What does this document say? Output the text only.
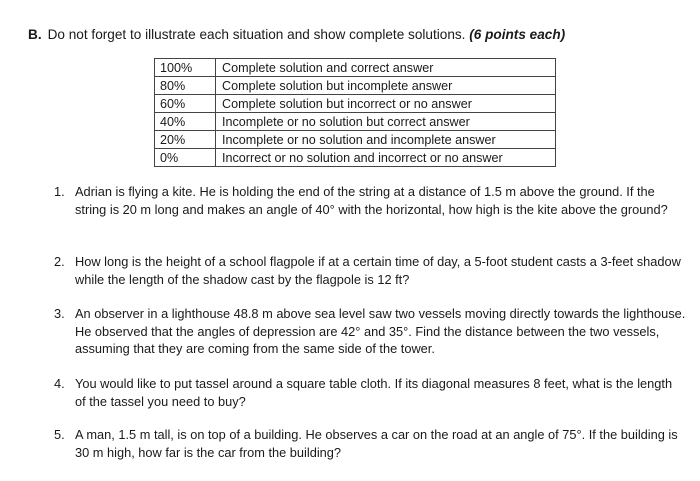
B. Do not forget to illustrate each situation and show complete solutions. (6 points each)
100%	Complete solution and correct answer
80%	Complete solution but incomplete answer
60%	Complete solution but incorrect or no answer
40%	Incomplete or no solution but correct answer
20%	Incomplete or no solution and incomplete answer
0%	Incorrect or no solution and incorrect or no answer
1. Adrian is flying a kite. He is holding the end of the string at a distance of 1.5 m above the ground. If the string is 20 m long and makes an angle of 40° with the horizontal, how high is the kite above the ground?
2. How long is the height of a school flagpole if at a certain time of day, a 5-foot student casts a 3-feet shadow while the length of the shadow cast by the flagpole is 12 ft?
3. An observer in a lighthouse 48.8 m above sea level saw two vessels moving directly towards the lighthouse. He observed that the angles of depression are 42° and 35°. Find the distance between the two vessels, assuming that they are coming from the same side of the tower.
4. You would like to put tassel around a square table cloth. If its diagonal measures 8 feet, what is the length of the tassel you need to buy?
5. A man, 1.5 m tall, is on top of a building. He observes a car on the road at an angle of 75°. If the building is 30 m high, how far is the car from the building?
